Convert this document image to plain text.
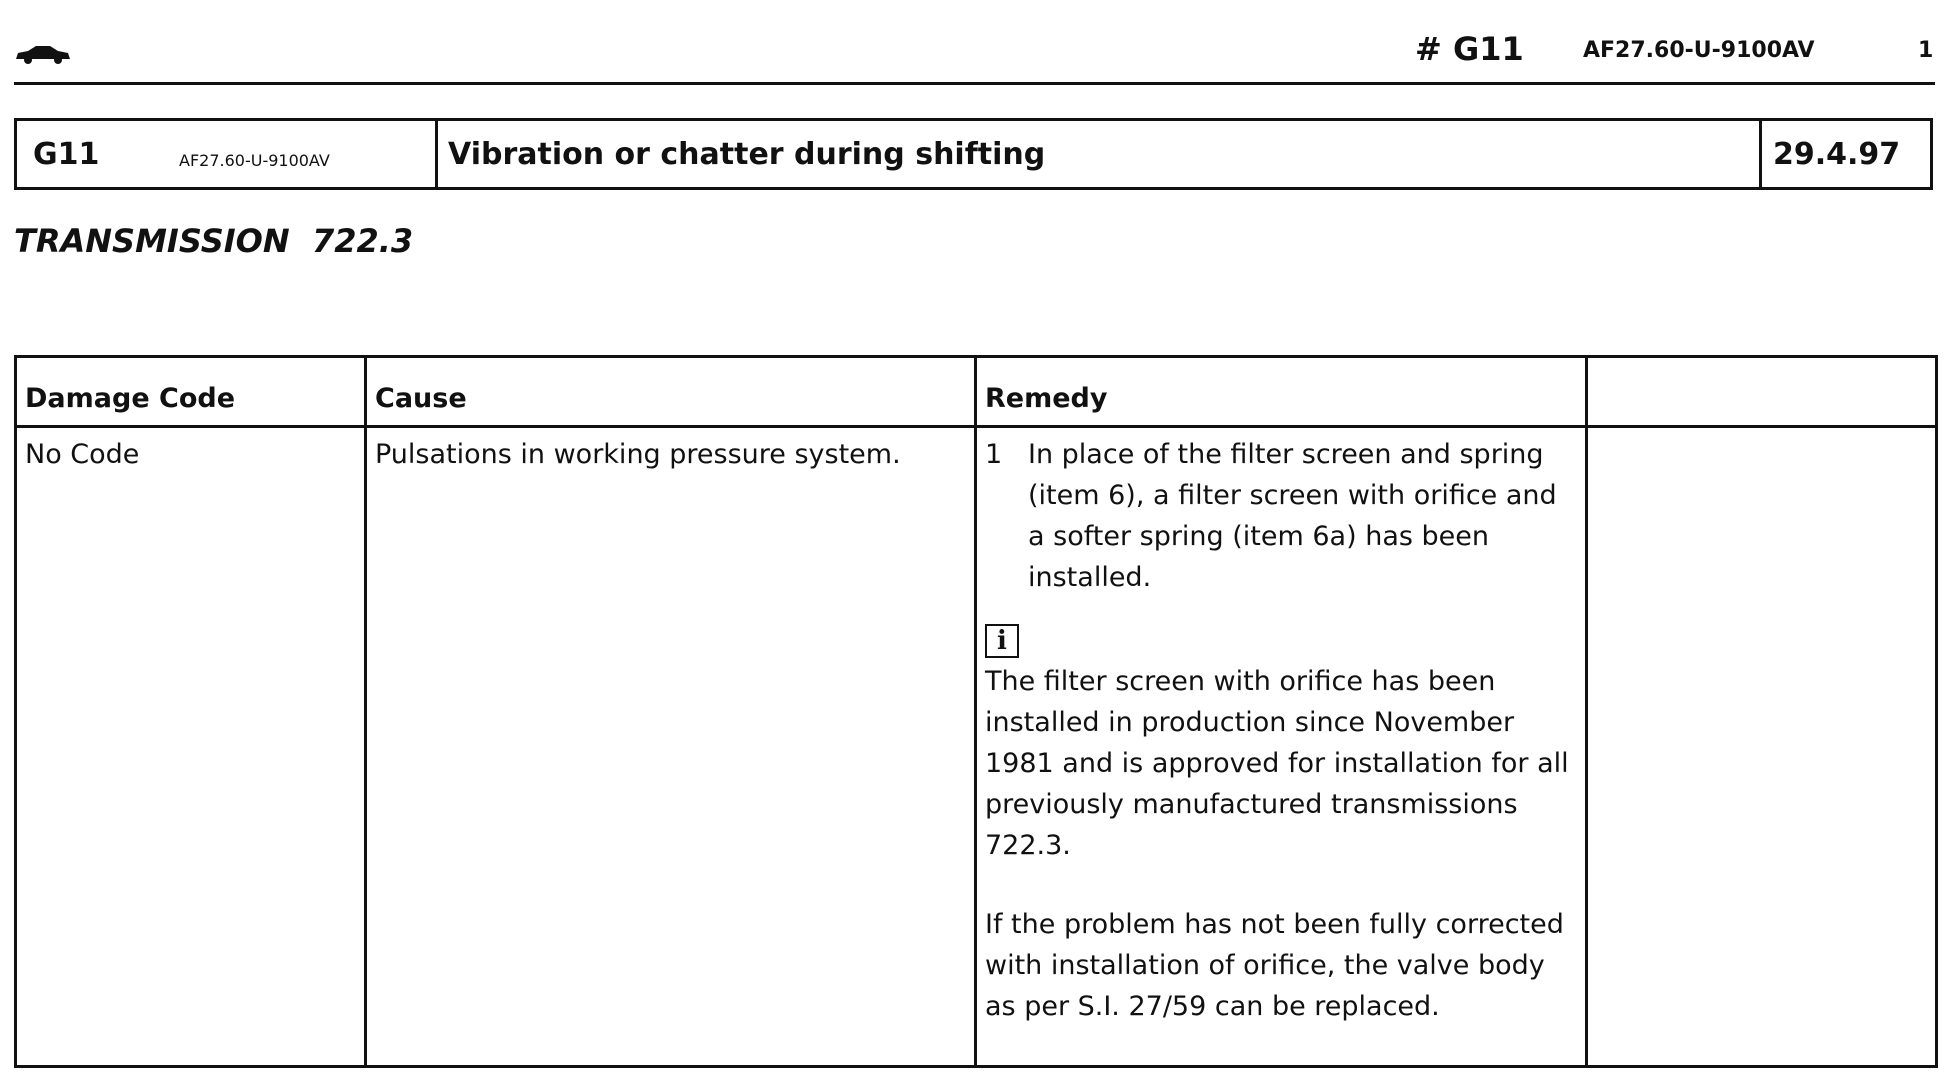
# G11	AF27.60-U-9100AV	1
G11	AF27.60-U-9100AV	Vibration or chatter during shifting	29.4.97
TRANSMISSION  722.3
Damage Code	Cause	Remedy	
No Code	Pulsations in working pressure system.	1 In place of the filter screen and spring (item 6), a filter screen with orifice and a softer spring (item 6a) has been installed.
i
The filter screen with orifice has been installed in production since November 1981 and is approved for installation for all previously manufactured transmissions 722.3.
If the problem has not been fully corrected with installation of orifice, the valve body as per S.I. 27/59 can be replaced.	
